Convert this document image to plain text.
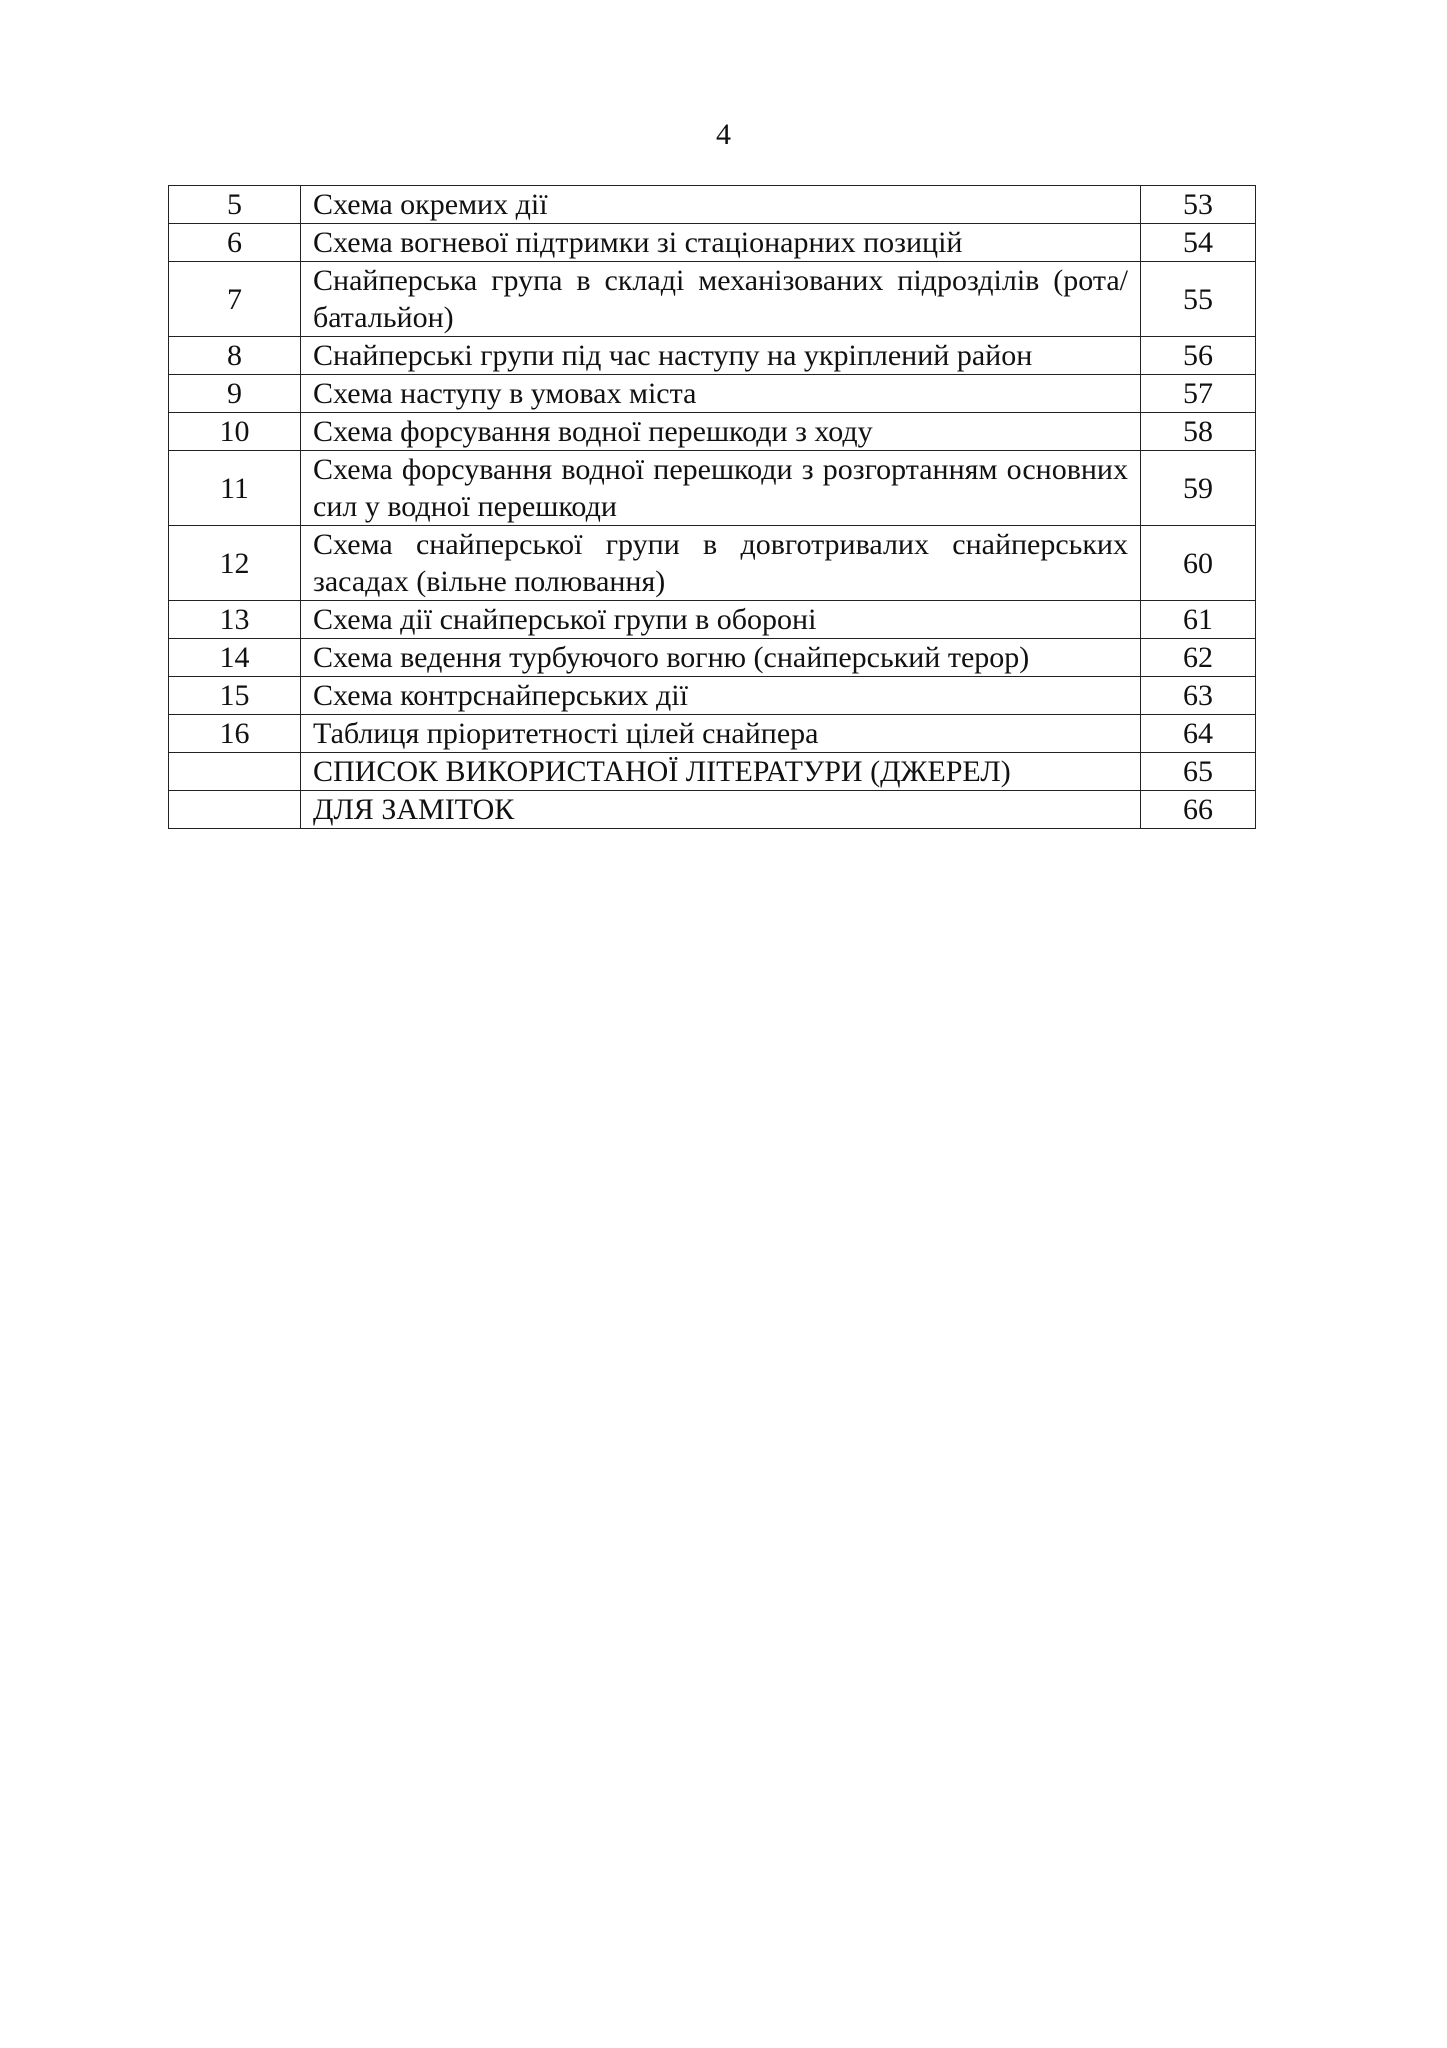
4
5	Схема окремих дії	53
6	Схема вогневої підтримки зі стаціонарних позицій	54
7	Снайперська група в складі механізованих підрозділів (рота/батальйон)	55
8	Снайперські групи під час наступу на укріплений район	56
9	Схема наступу в умовах міста	57
10	Схема форсування водної перешкоди з ходу	58
11	Схема форсування водної перешкоди з розгортанням основних сил у водної перешкоди	59
12	Схема снайперської групи в довготривалих снайперських засадах (вільне полювання)	60
13	Схема дії снайперської групи в обороні	61
14	Схема ведення турбуючого вогню (снайперський терор)	62
15	Схема контрснайперських дії	63
16	Таблиця пріоритетності цілей снайпера	64
	СПИСОК ВИКОРИСТАНОЇ ЛІТЕРАТУРИ (ДЖЕРЕЛ)	65
	ДЛЯ ЗАМІТОК	66
